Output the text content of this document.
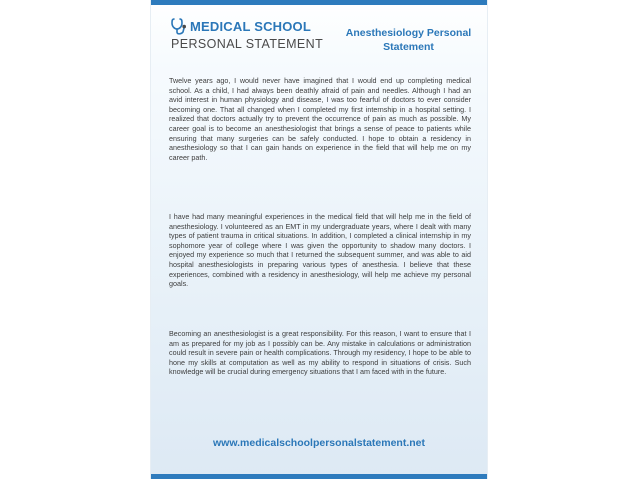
MEDICAL SCHOOL
PERSONAL STATEMENT
Anesthesiology Personal Statement

Twelve years ago, I would never have imagined that I would end up completing medical school. As a child, I had always been deathly afraid of pain and needles. Although I had an avid interest in human physiology and disease, I was too fearful of doctors to ever consider becoming one. That all changed when I completed my first internship in a hospital setting. I realized that doctors actually try to prevent the occurrence of pain as much as possible. My career goal is to become an anesthesiologist that brings a sense of peace to patients while ensuring that many surgeries can be safely conducted. I hope to obtain a residency in anesthesiology so that I can gain hands on experience in the field that will help me on my career path.

I have had many meaningful experiences in the medical field that will help me in the field of anesthesiology. I volunteered as an EMT in my undergraduate years, where I dealt with many types of patient trauma in critical situations. In addition, I completed a clinical internship in my sophomore year of college where I was given the opportunity to shadow many doctors. I enjoyed my experience so much that I returned the subsequent summer, and was able to aid hospital anesthesiologists in preparing various types of anesthesia. I believe that these experiences, combined with a residency in anesthesiology, will help me achieve my personal goals.

Becoming an anesthesiologist is a great responsibility. For this reason, I want to ensure that I am as prepared for my job as I possibly can be. Any mistake in calculations or administration could result in severe pain or health complications. Through my residency, I hope to be able to hone my skills at computation as well as my ability to respond in situations of crisis. Such knowledge will be crucial during emergency situations that I am faced with in the future.

www.medicalschoolpersonalstatement.net
